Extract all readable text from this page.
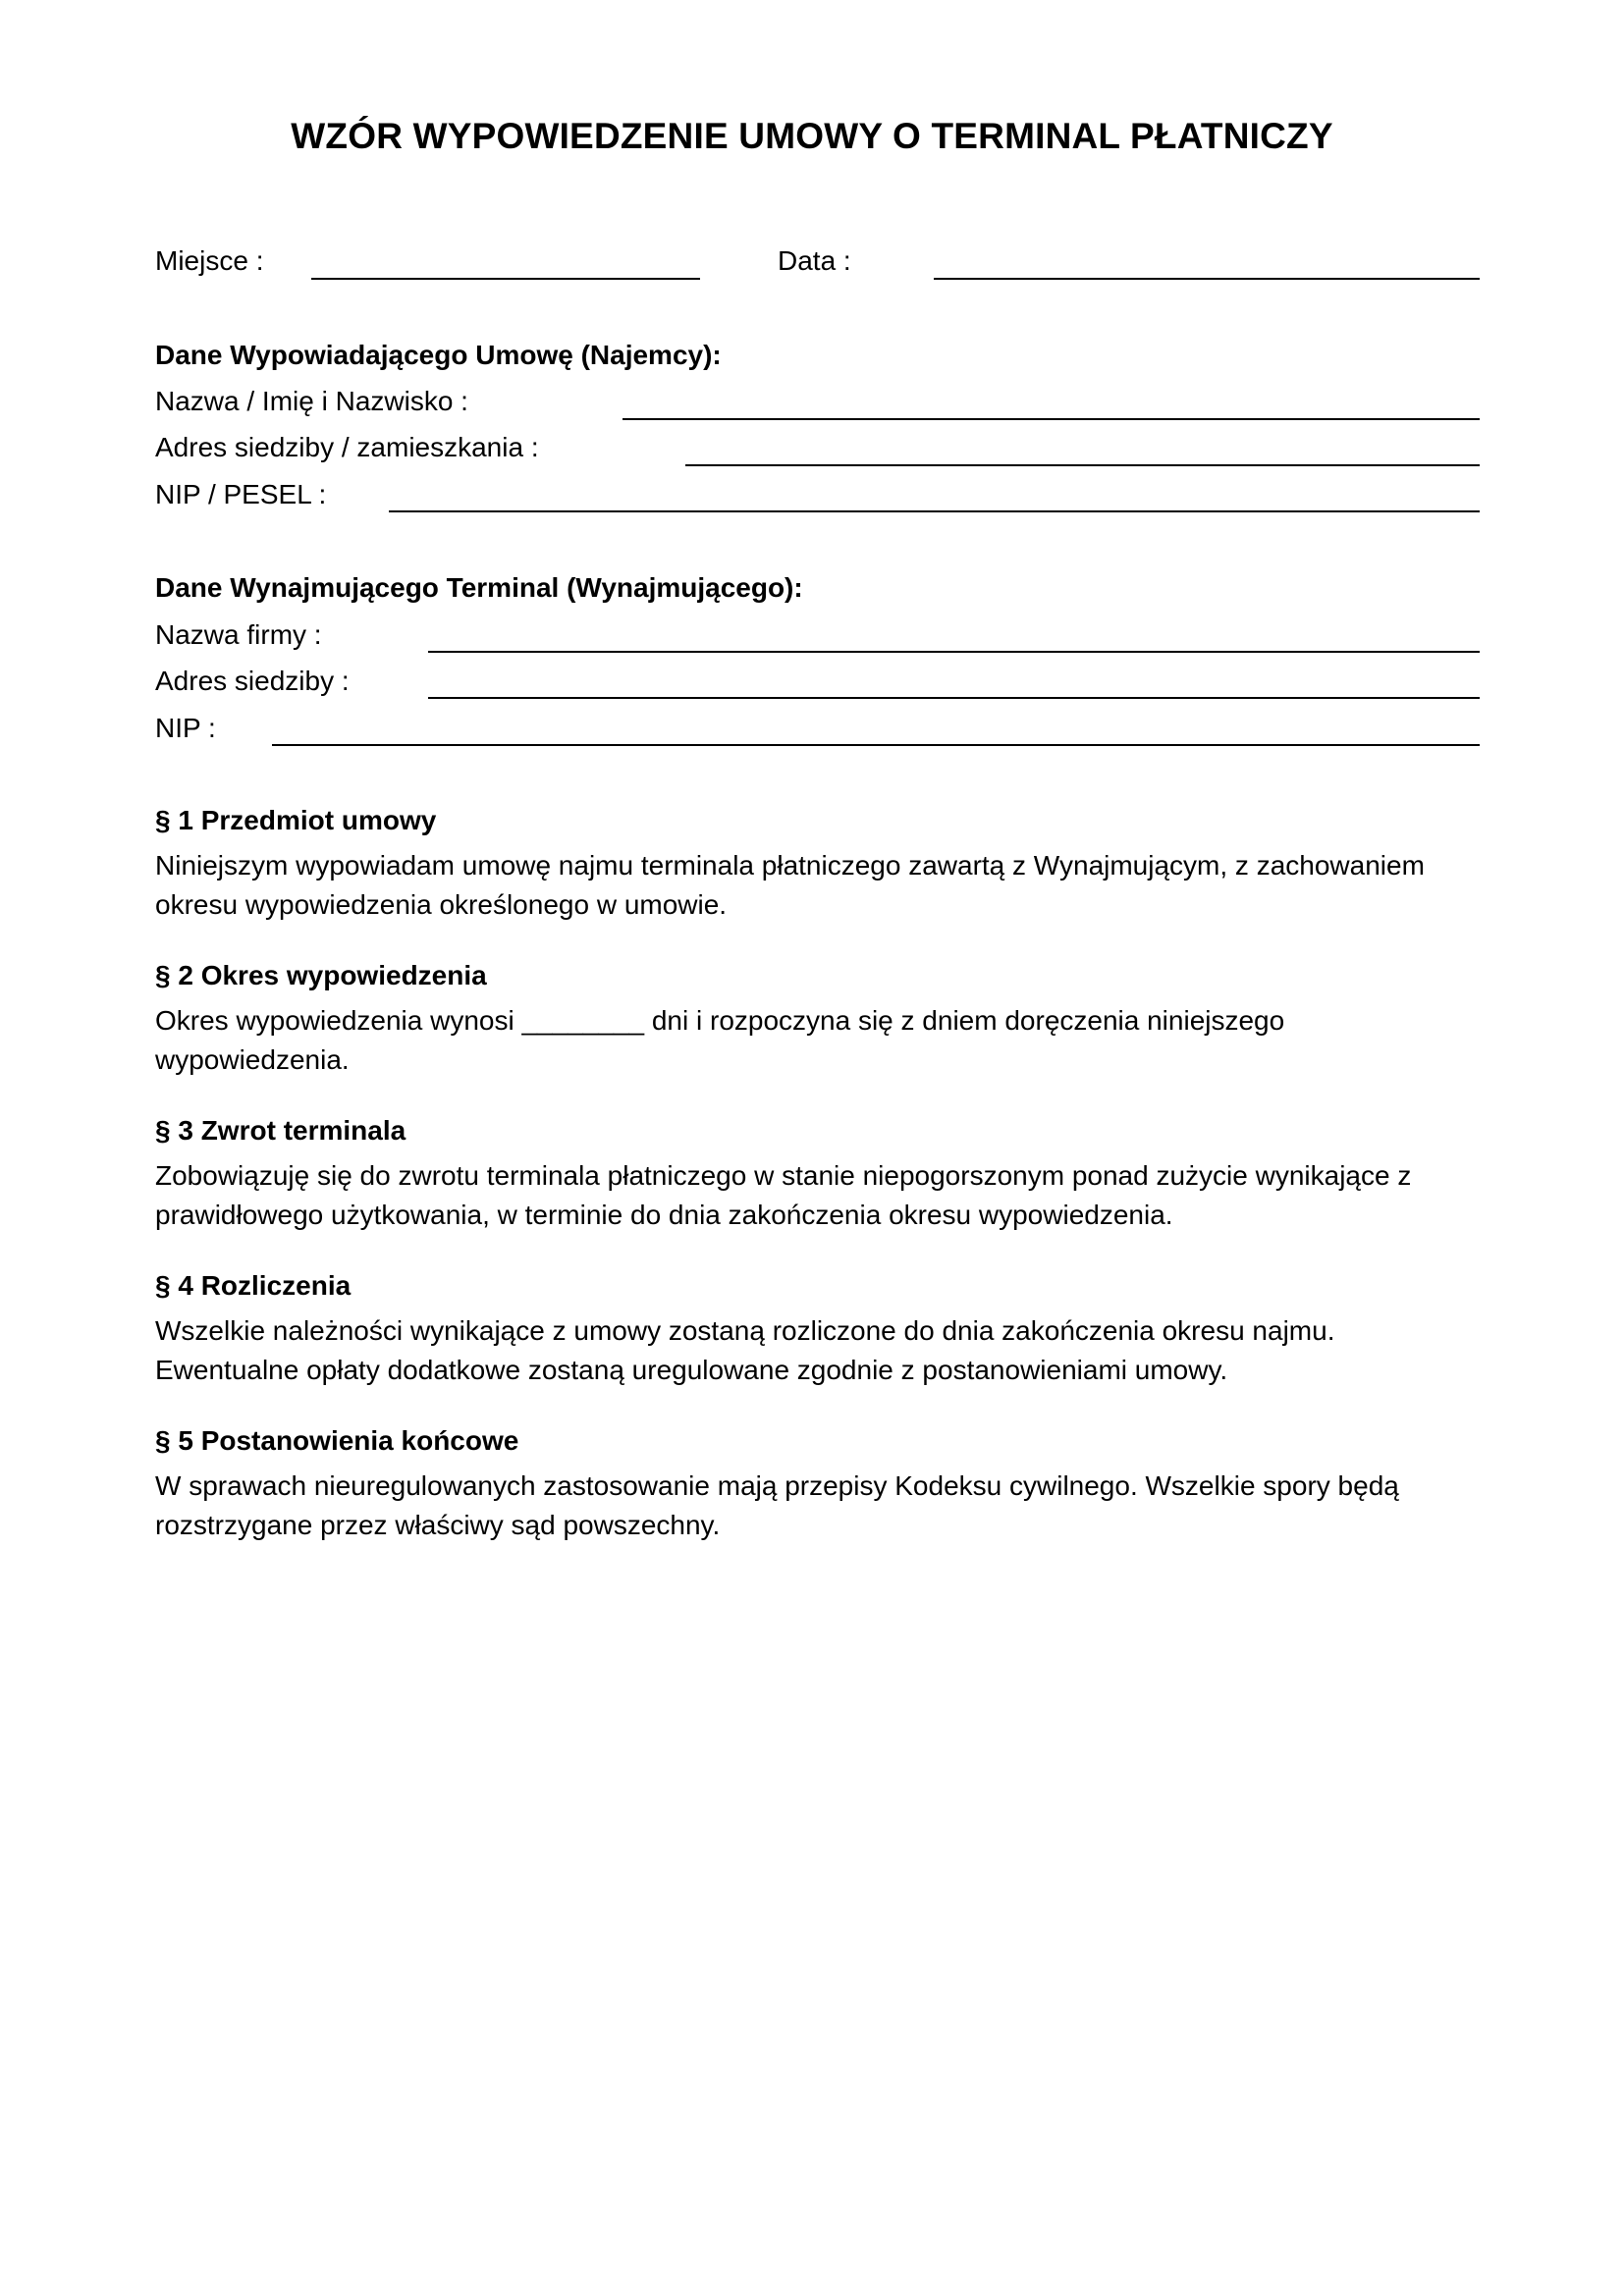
WZÓR WYPOWIEDZENIE UMOWY O TERMINAL PŁATNICZY
Miejsce :	Data :
Dane Wypowiadającego Umowę (Najemcy):
Nazwa / Imię i Nazwisko :
Adres siedziby / zamieszkania :
NIP / PESEL :
Dane Wynajmującego Terminal (Wynajmującego):
Nazwa firmy :
Adres siedziby :
NIP :
§ 1 Przedmiot umowy

Niniejszym wypowiadam umowę najmu terminala płatniczego zawartą z Wynajmującym, z zachowaniem

okresu wypowiedzenia określonego w umowie.

§ 2 Okres wypowiedzenia

Okres wypowiedzenia wynosi ________ dni i rozpoczyna się z dniem doręczenia niniejszego

wypowiedzenia.

§ 3 Zwrot terminala

Zobowiązuję się do zwrotu terminala płatniczego w stanie niepogorszonym ponad zużycie wynikające z

prawidłowego użytkowania, w terminie do dnia zakończenia okresu wypowiedzenia.

§ 4 Rozliczenia

Wszelkie należności wynikające z umowy zostaną rozliczone do dnia zakończenia okresu najmu.

Ewentualne opłaty dodatkowe zostaną uregulowane zgodnie z postanowieniami umowy.

§ 5 Postanowienia końcowe

W sprawach nieuregulowanych zastosowanie mają przepisy Kodeksu cywilnego. Wszelkie spory będą

rozstrzygane przez właściwy sąd powszechny.
